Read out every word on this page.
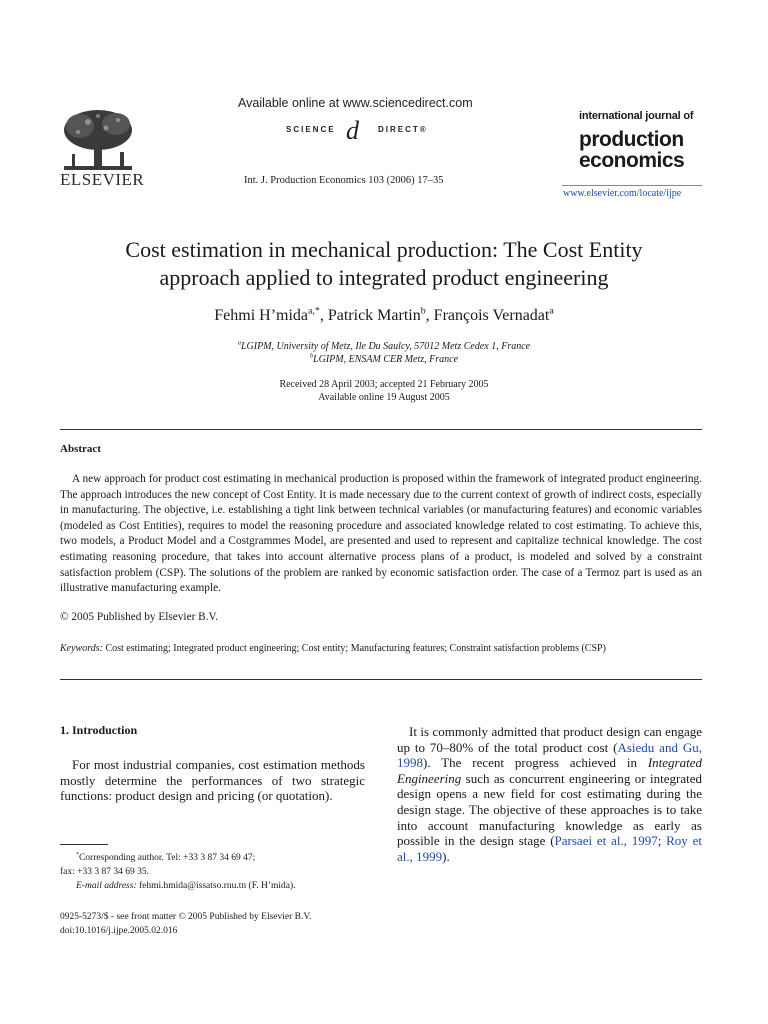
ELSEVIER
Available online at www.sciencedirect.com
SCIENCE d DIRECT®
Int. J. Production Economics 103 (2006) 17–35
international journal of
production
economics
www.elsevier.com/locate/ijpe
Cost estimation in mechanical production: The Cost Entity
approach applied to integrated product engineering
Fehmi H’mida$^{a,*}$, Patrick Martin$^b$, François Vernadat$^a$
$^a$LGIPM, University of Metz, Ile Du Saulcy, 57012 Metz Cedex 1, France
$^b$LGIPM, ENSAM CER Metz, France
Received 28 April 2003; accepted 21 February 2005
Available online 19 August 2005
Abstract
A new approach for product cost estimating in mechanical production is proposed within the framework of integrated product engineering. The approach introduces the new concept of Cost Entity. It is made necessary due to the current context of growth of indirect costs, especially in manufacturing. The objective, i.e. establishing a tight link between technical variables (or manufacturing features) and economic variables (modeled as Cost Entities), requires to model the reasoning procedure and associated knowledge related to cost estimating. To achieve this, two models, a Product Model and a Costgrammes Model, are presented and used to represent and capitalize technical knowledge. The cost estimating reasoning procedure, that takes into account alternative process plans of a product, is modeled and solved by a constraint satisfaction problem (CSP). The solutions of the problem are ranked by economic satisfaction order. The case of a Termoz part is used as an illustrative manufacturing example.
© 2005 Published by Elsevier B.V.
Keywords: Cost estimating; Integrated product engineering; Cost entity; Manufacturing features; Constraint satisfaction problems (CSP)
1. Introduction
For most industrial companies, cost estimation methods mostly determine the performances of two strategic functions: product design and pricing (or quotation).
It is commonly admitted that product design can engage up to 70–80% of the total product cost (Asiedu and Gu, 1998). The recent progress achieved in Integrated Engineering such as concurrent engineering or integrated design opens a new field for cost estimating during the design stage. The objective of these approaches is to take into account manufacturing knowledge as early as possible in the design stage (Parsaei et al., 1997; Roy et al., 1999).
*Corresponding author. Tel: +33 3 87 34 69 47;
fax: +33 3 87 34 69 35.
E-mail address: fehmi.hmida@issatso.rnu.tn (F. H’mida).
0925-5273/$ - see front matter © 2005 Published by Elsevier B.V.
doi:10.1016/j.ijpe.2005.02.016
